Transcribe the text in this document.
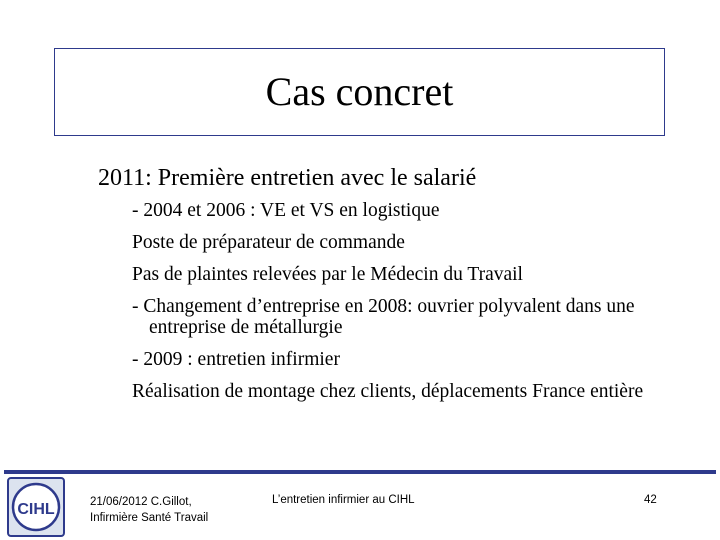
Cas concret
2011: Première entretien avec le salarié
- 2004 et 2006 : VE et VS en logistique
Poste de préparateur de commande
Pas de plaintes relevées par le Médecin du Travail
- Changement d’entreprise en 2008: ouvrier polyvalent dans une entreprise de métallurgie
- 2009 : entretien infirmier
Réalisation de montage chez clients, déplacements France entière
CIHL	21/06/2012 C.Gillot,
Infirmière Santé Travail
L’entretien infirmier au CIHL	42
